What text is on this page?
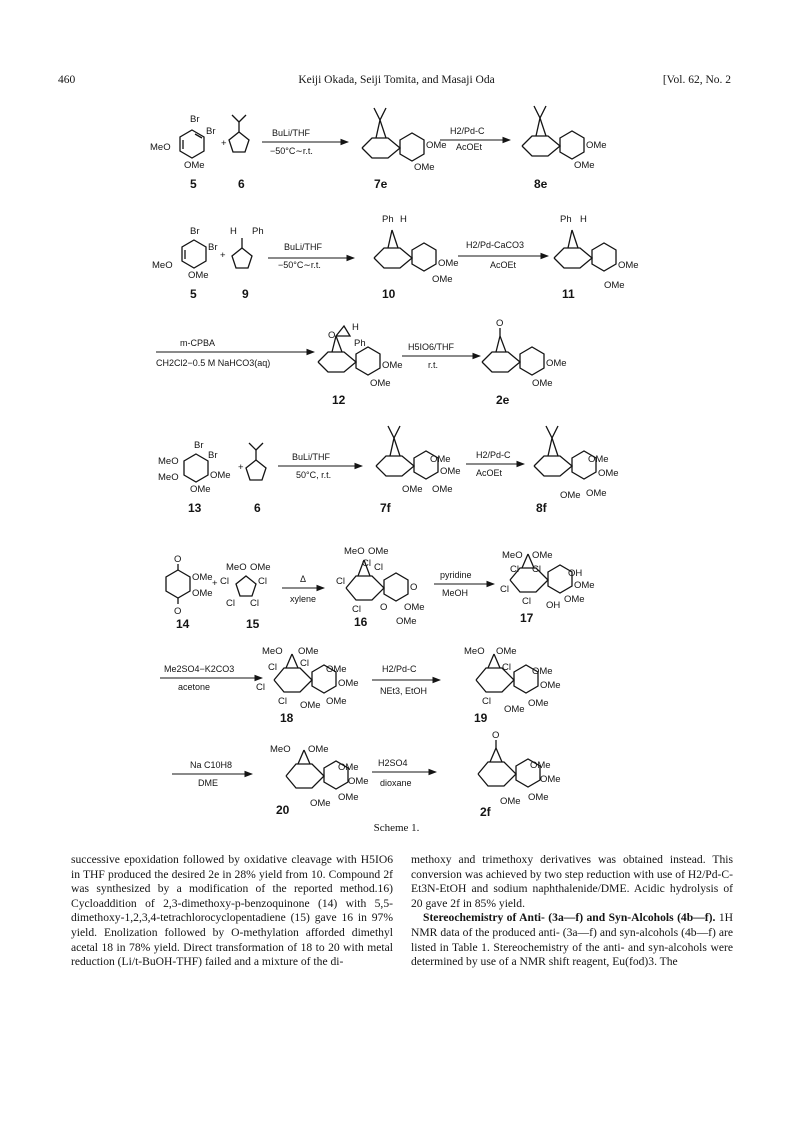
460	Keiji Okada, Seiji Tomita, and Masaji Oda	[Vol. 62, No. 2
Br
Br
MeO
OMe
+
BuLi/THF
−50°C∼r.t.	OMe
OMe
H2/Pd-C
AcOEt	OMe
OMe
5	6	7e	8e
Br
Br
MeO
OMe
+
H Ph
BuLi/THF
−50°C∼r.t.
Ph H
OMe
OMe
H2/Pd-CaCO3
AcOEt
Ph H
OMe
OMe
5	9	10	11
m-CPBA
CH2Cl2−0.5 M NaHCO3(aq)
O
H
Ph
OMe
OMe
H5IO6/THF
r.t.
O
OMe
OMe
12	2e
Br
Br
MeO
MeO	OMe
OMe
+
BuLi/THF
50°C, r.t.
OMe
OMe
OMe OMe
H2/Pd-C
AcOEt
OMe
OMe
OMe OMe
13	6	7f	8f
O
O
OMe
OMe
+
MeO OMe
Cl	Cl
Cl Cl
Δ
xylene
MeO OMe
Cl Cl
Cl
Cl
O
O OMe
OMe
pyridine
MeOH
MeO OMe
Cl Cl
Cl
Cl
OH
OMe
OH
OMe
14	15	16	17
Me2SO4−K2CO3
acetone
MeO OMe
Cl Cl
Cl
Cl
OMe
OMe
OMe OMe
H2/Pd-C
NEt3, EtOH
MeO OMe
Cl
Cl
OMe
OMe
OMe
OMe
18	19
Na C10H8
DME
MeO OMe
OMe
OMe
OMe
OMe
H2SO4
dioxane
O
OMe
OMe
OMe OMe
20	2f
Scheme 1.

successive epoxidation followed by oxidative cleavage with H5IO6 in THF produced the desired 2e in 28% yield from 10. Compound 2f was synthesized by a modification of the reported method.16) Cycloaddition of 2,3-dimethoxy-p-benzoquinone (14) with 5,5-dimethoxy-1,2,3,4-tetrachlorocyclopentadiene (15) gave 16 in 97% yield. Enolization followed by O-methylation afforded dimethyl acetal 18 in 78% yield. Direct transformation of 18 to 20 with metal reduction (Li/t-BuOH-THF) failed and a mixture of the di-

methoxy and trimethoxy derivatives was obtained instead. This conversion was achieved by two step reduction with use of H2/Pd-C-Et3N-EtOH and sodium naphthalenide/DME. Acidic hydrolysis of 20 gave 2f in 85% yield.

Stereochemistry of Anti- (3a—f) and Syn-Alcohols (4b—f). 1H NMR data of the produced anti- (3a—f) and syn-alcohols (4b—f) are listed in Table 1. Stereochemistry of the anti- and syn-alcohols were determined by use of a NMR shift reagent, Eu(fod)3. The
